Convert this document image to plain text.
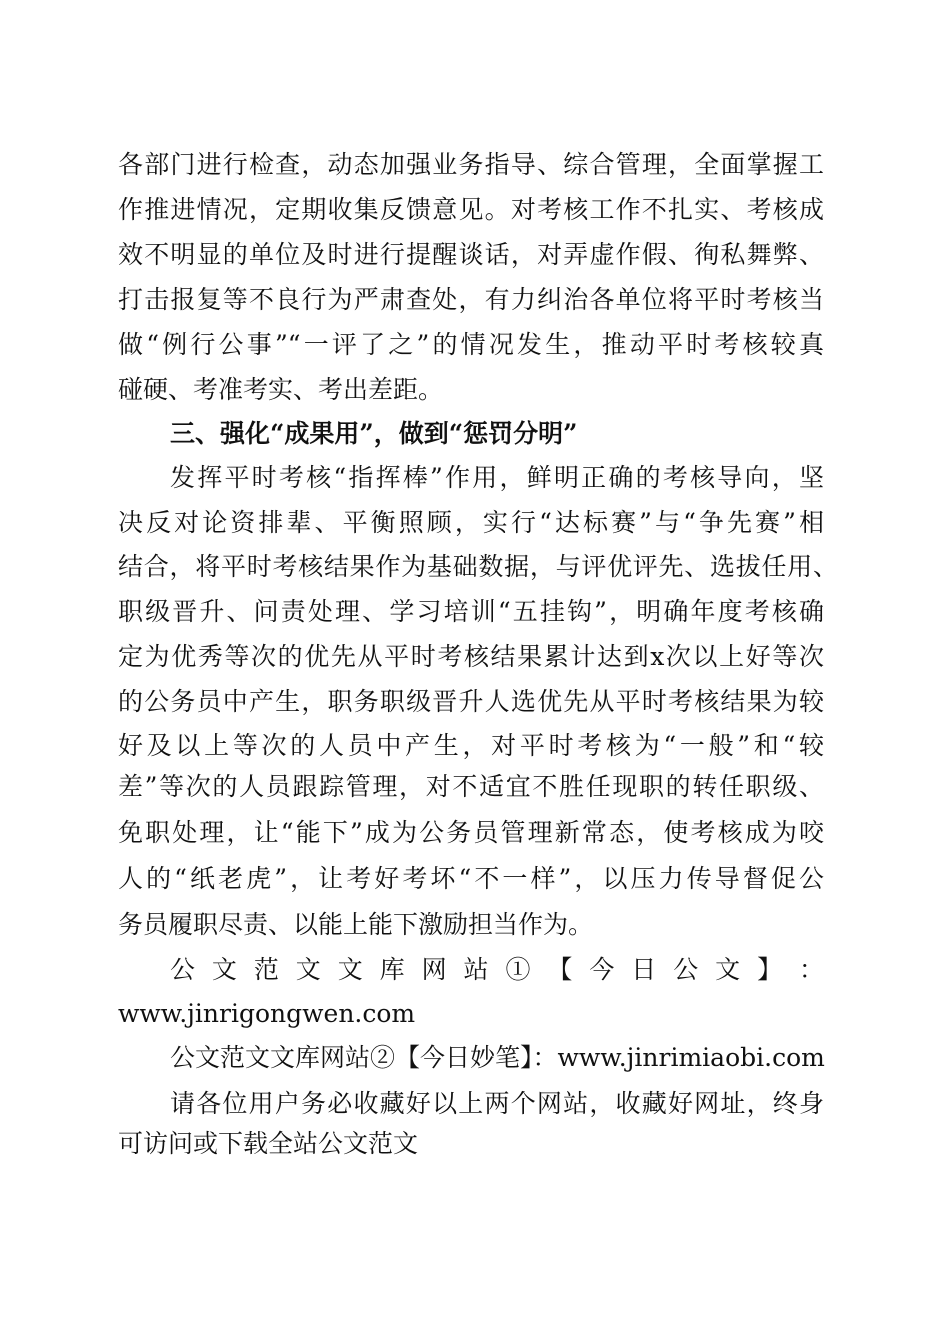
各部门进行检查，动态加强业务指导、综合管理，全面掌握工
作推进情况，定期收集反馈意见。对考核工作不扎实、考核成
效不明显的单位及时进行提醒谈话，对弄虚作假、徇私舞弊、
打击报复等不良行为严肃查处，有力纠治各单位将平时考核当
做“例行公事”“一评了之”的情况发生，推动平时考核较真
碰硬、考准考实、考出差距。
三、强化“成果用”，做到“惩罚分明”
发挥平时考核“指挥棒”作用，鲜明正确的考核导向，坚
决反对论资排辈、平衡照顾，实行“达标赛”与“争先赛”相
结合，将平时考核结果作为基础数据，与评优评先、选拔任用、
职级晋升、问责处理、学习培训“五挂钩”，明确年度考核确
定为优秀等次的优先从平时考核结果累计达到x次以上好等次
的公务员中产生，职务职级晋升人选优先从平时考核结果为较
好及以上等次的人员中产生，对平时考核为“一般”和“较
差”等次的人员跟踪管理，对不适宜不胜任现职的转任职级、
免职处理，让“能下”成为公务员管理新常态，使考核成为咬
人的“纸老虎”，让考好考坏“不一样”，以压力传导督促公
务员履职尽责、以能上能下激励担当作为。
公 文 范 文 文 库 网 站 ① 【 今 日 公 文 】 ：
www.jinrigongwen.com
公文范文文库网站②【今日妙笔】：www.jinrimiaobi.com
请各位用户务必收藏好以上两个网站，收藏好网址，终身
可访问或下载全站公文范文
